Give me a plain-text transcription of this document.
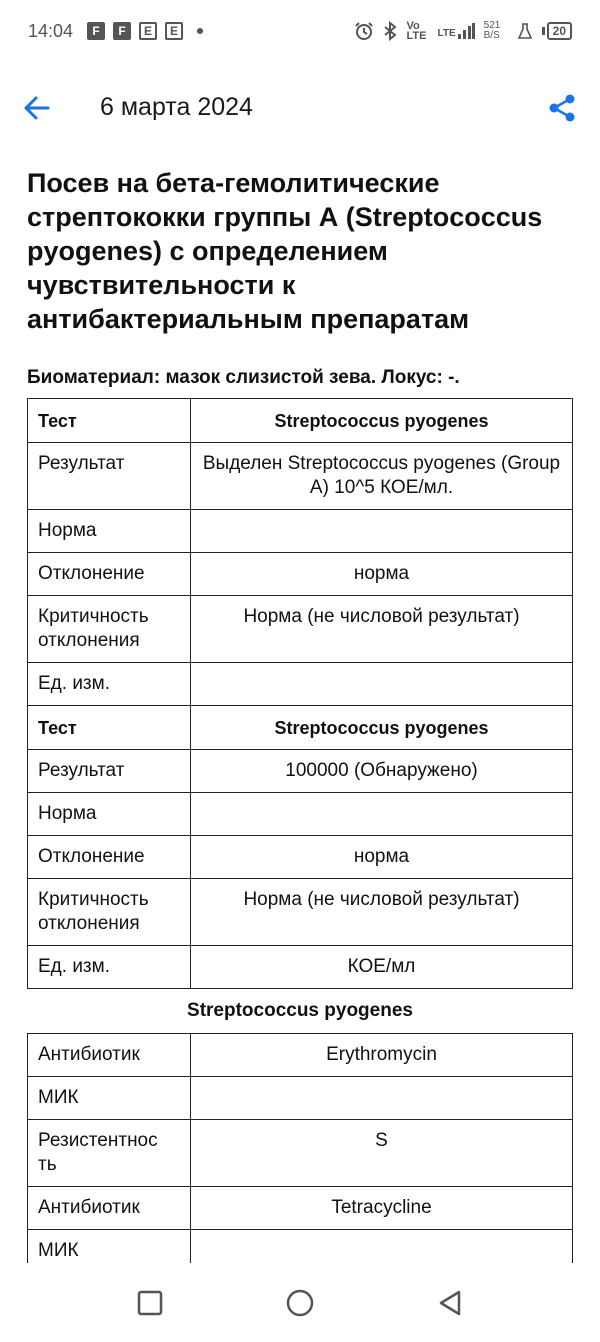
14:04	F	F	E	E	Vo LTE LTE
521 B/S	20
6 марта 2024
Посев на бета-гемолитические стрептококки группы А (Streptococcus pyogenes) с определением чувствительности к антибактериальным препаратам
Биоматериал: мазок слизистой зева. Локус: -.
Тест	Streptococcus pyogenes
Результат	Выделен Streptococcus pyogenes (Group A) 10^5 КОЕ/мл.
Норма	
Отклонение	норма
Критичность отклонения	Норма (не числовой результат)
Ед. изм.	
Тест	Streptococcus pyogenes
Результат	100000 (Обнаружено)
Норма	
Отклонение	норма
Критичность отклонения	Норма (не числовой результат)
Ед. изм.	КОЕ/мл
Streptococcus pyogenes
Антибиотик	Erythromycin
МИК	
Резистентнос ть	S
Антибиотик	Tetracycline
МИК	
